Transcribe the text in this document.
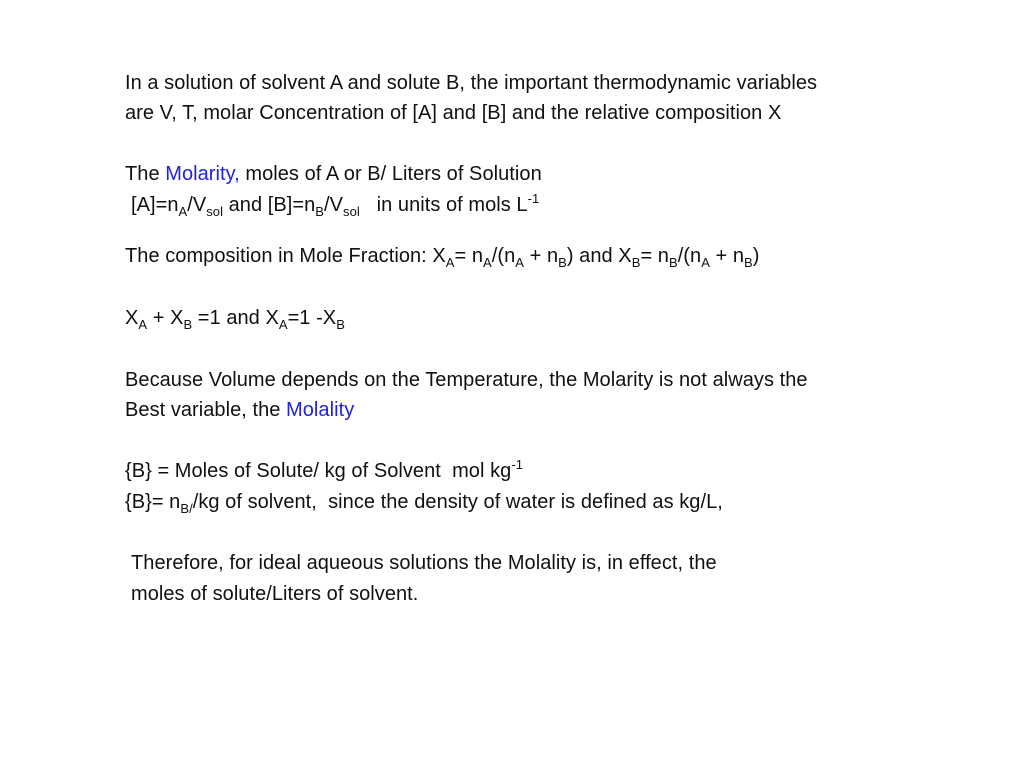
In a solution of solvent A and solute B, the important thermodynamic variables
are V, T, molar Concentration of [A] and [B] and the relative composition X
The Molarity, moles of A or B/ Liters of Solution
$[A]=n_A/V_{sol}$ and $[B]=n_B/V_{sol}$   in units of mols $L^{-1}$
The composition in Mole Fraction: $X_A= n_A/(n_A + n_B)$ and $X_B= n_B/(n_A + n_B)$
$X_A + X_B =1$ and $X_A=1$ $-X_B$
Because Volume depends on the Temperature, the Molarity is not always the
Best variable, the Molality
{B} = Moles of Solute/ kg of Solvent  mol $kg^{-1}$
$\{B\}= n_{B/}/kg$ of solvent,  since the density of water is defined as kg/L,
Therefore, for ideal aqueous solutions the Molality is, in effect, the
moles of solute/Liters of solvent.
